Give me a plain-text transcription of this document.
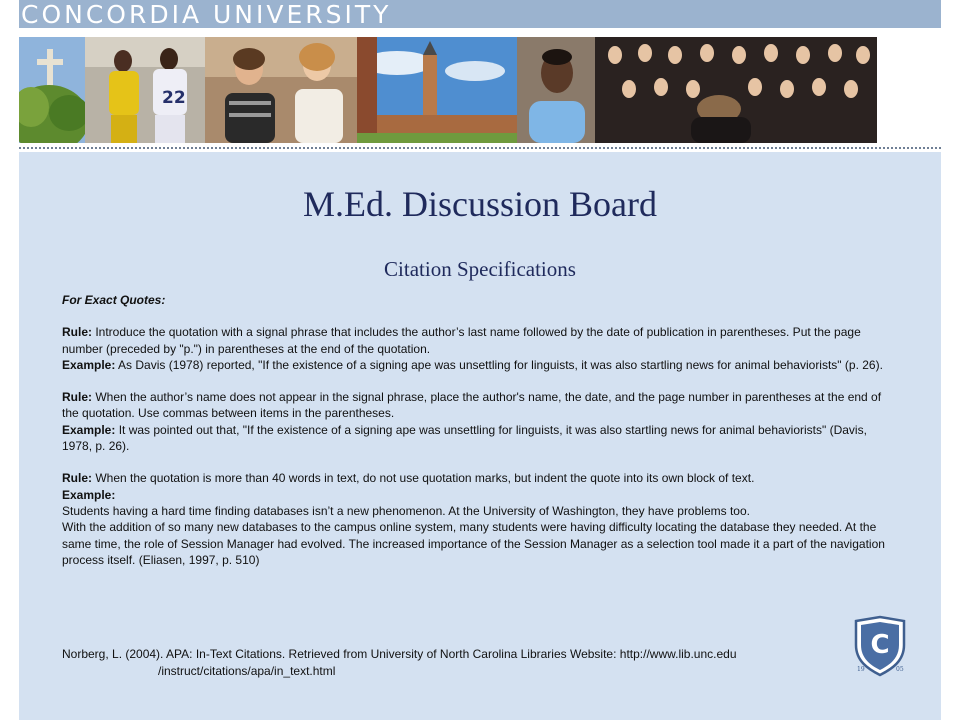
CONCORDIA UNIVERSITY
22
M.Ed. Discussion Board
Citation Specifications

For Exact Quotes:

Rule: Introduce the quotation with a signal phrase that includes the author’s last name followed by the date of publication in parentheses. Put the page number (preceded by "p.") in parentheses at the end of the quotation.

Example: As Davis (1978) reported, "If the existence of a signing ape was unsettling for linguists, it was also startling news for animal behaviorists" (p. 26).

Rule: When the author’s name does not appear in the signal phrase, place the author's name, the date, and the page number in parentheses at the end of the quotation. Use commas between items in the parentheses.

Example: It was pointed out that, "If the existence of a signing ape was unsettling for linguists, it was also startling news for animal behaviorists" (Davis, 1978, p. 26).

Rule: When the quotation is more than 40 words in text, do not use quotation marks, but indent the quote into its own block of text.

Example:

Students having a hard time finding databases isn’t a new phenomenon. At the University of Washington, they have problems too.

With the addition of so many new databases to the campus online system, many students were having difficulty locating the database they needed. At the same time, the role of Session Manager had evolved. The increased importance of the Session Manager as a selection tool made it a part of the navigation process itself. (Eliasen, 1997, p. 510)

Norberg, L. (2004). APA: In-Text Citations. Retrieved from University of North Carolina Libraries Website: http://www.lib.unc.edu
/instruct/citations/apa/in_text.html
C
19	05
